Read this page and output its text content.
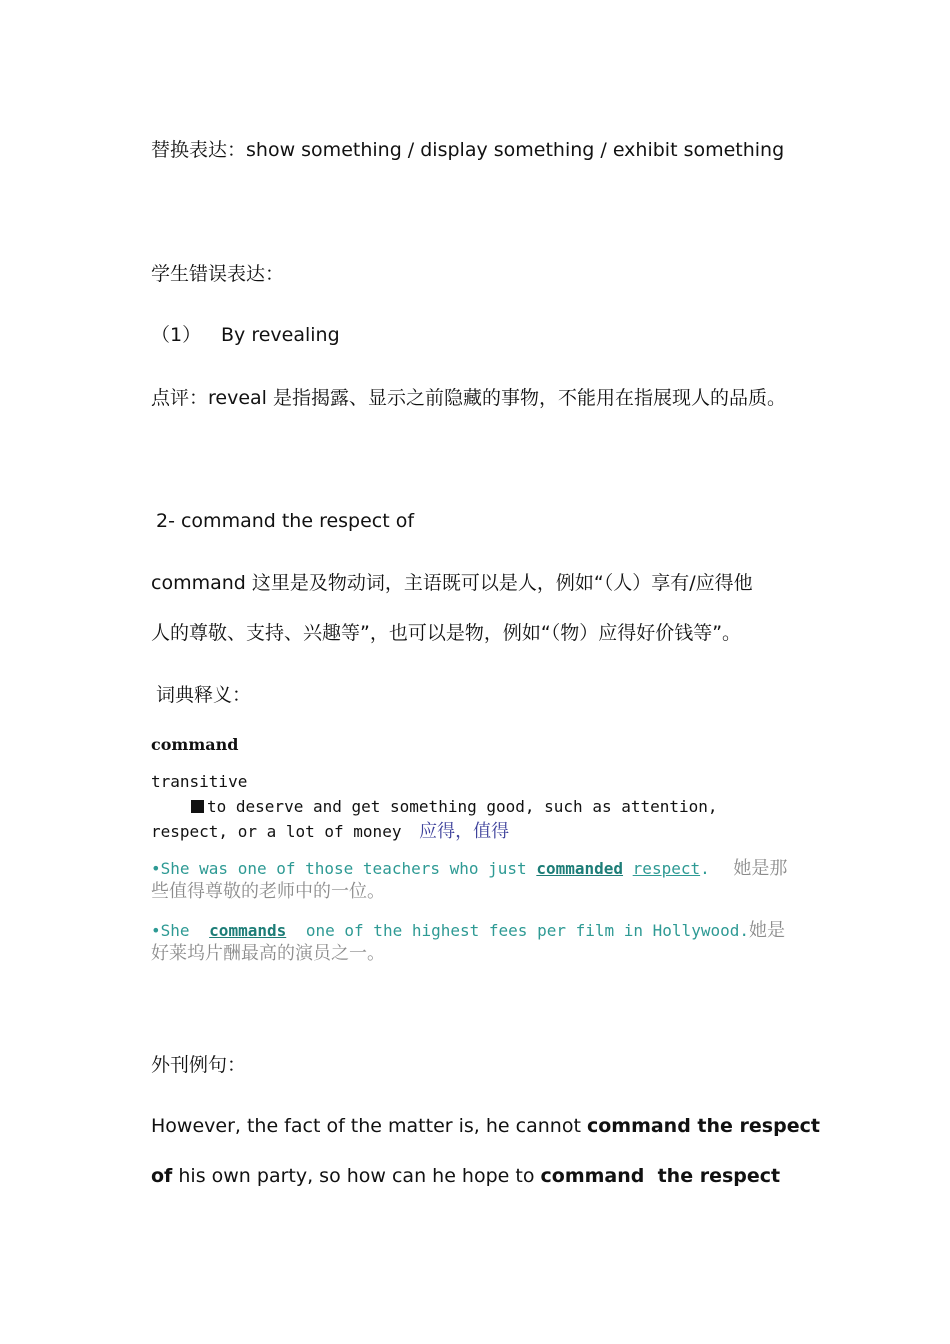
替换表达：show something / display something / exhibit something
学生错误表达：
（1） By revealing
点评：reveal 是指揭露、显示之前隐藏的事物，不能用在指展现人的品质。
2- command the respect of
command 这里是及物动词，主语既可以是人，例如“（人）享有/应得他
人的尊敬、支持、兴趣等”，也可以是物，例如“（物）应得好价钱等”。
词典释义：
command
transitive
to deserve and get something good, such as attention,
respect, or a lot of money 应得，值得
•She was one of those teachers who just commanded respect. 她是那
些值得尊敬的老师中的一位。
•She commands one of the highest fees per film in Hollywood.她是
好莱坞片酬最高的演员之一。
外刊例句：
However, the fact of the matter is, he cannot command the respect
of his own party, so how can he hope to command  the respect
